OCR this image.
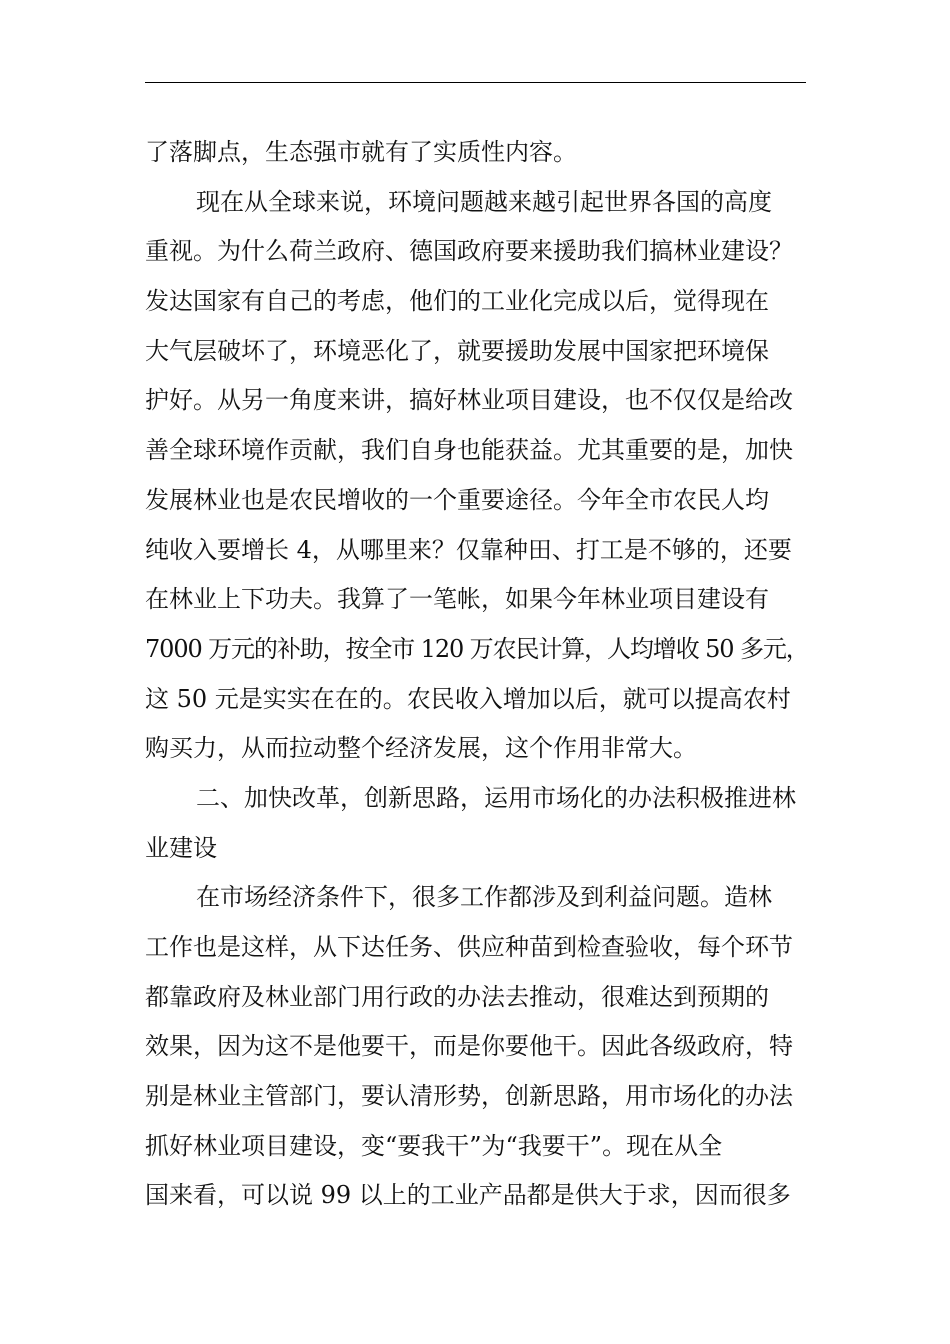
了落脚点，生态强市就有了实质性内容。

现在从全球来说，环境问题越来越引起世界各国的高度
重视。为什么荷兰政府、德国政府要来援助我们搞林业建设？
发达国家有自己的考虑，他们的工业化完成以后，觉得现在
大气层破坏了，环境恶化了，就要援助发展中国家把环境保
护好。从另一角度来讲，搞好林业项目建设，也不仅仅是给改
善全球环境作贡献，我们自身也能获益。尤其重要的是，加快
发展林业也是农民增收的一个重要途径。今年全市农民人均
纯收入要增长 4，从哪里来？仅靠种田、打工是不够的，还要
在林业上下功夫。我算了一笔帐，如果今年林业项目建设有
7000 万元的补助，按全市 120 万农民计算，人均增收 50 多元，
这 50 元是实实在在的。农民收入增加以后，就可以提高农村
购买力，从而拉动整个经济发展，这个作用非常大。

二、加快改革，创新思路，运用市场化的办法积极推进林
业建设

在市场经济条件下，很多工作都涉及到利益问题。造林
工作也是这样，从下达任务、供应种苗到检查验收，每个环节
都靠政府及林业部门用行政的办法去推动，很难达到预期的
效果，因为这不是他要干，而是你要他干。因此各级政府，特
别是林业主管部门，要认清形势，创新思路，用市场化的办法
抓好林业项目建设，变“要我干”为“我要干”。现在从全
国来看，可以说 99 以上的工业产品都是供大于求，因而很多
